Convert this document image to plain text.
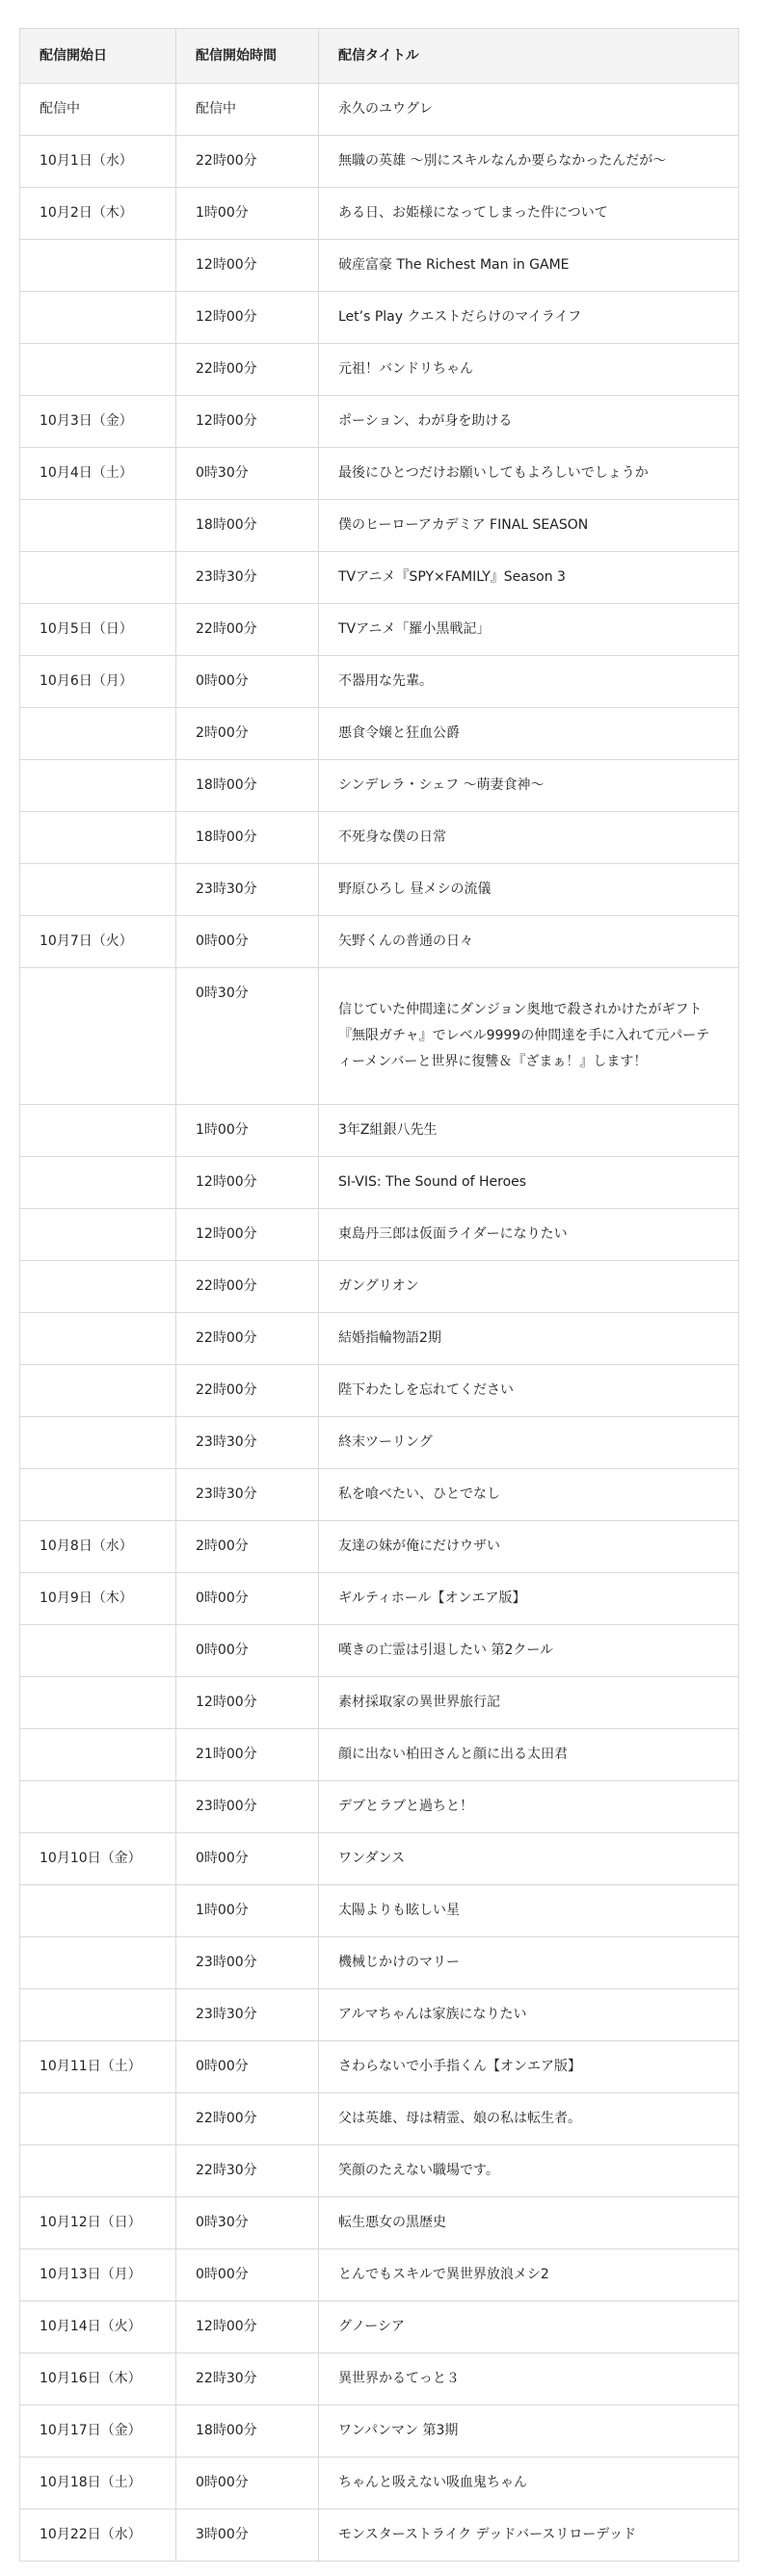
配信開始日	配信開始時間	配信タイトル
配信中	配信中	永久のユウグレ
10月1日（水）	22時00分	無職の英雄 〜別にスキルなんか要らなかったんだが〜
10月2日（木）	1時00分	ある日、お姫様になってしまった件について
	12時00分	破産富豪 The Richest Man in GAME
	12時00分	Let’s Play クエストだらけのマイライフ
	22時00分	元祖！バンドリちゃん
10月3日（金）	12時00分	ポーション、わが身を助ける
10月4日（土）	0時30分	最後にひとつだけお願いしてもよろしいでしょうか
	18時00分	僕のヒーローアカデミア FINAL SEASON
	23時30分	TVアニメ『SPY×FAMILY』Season 3
10月5日（日）	22時00分	TVアニメ「羅小黒戦記」
10月6日（月）	0時00分	不器用な先輩。
	2時00分	悪食令嬢と狂血公爵
	18時00分	シンデレラ・シェフ 〜萌妻食神〜
	18時00分	不死身な僕の日常
	23時30分	野原ひろし 昼メシの流儀
10月7日（火）	0時00分	矢野くんの普通の日々
	0時30分	信じていた仲間達にダンジョン奥地で殺されかけたがギフト『無限ガチャ』でレベル9999の仲間達を手に入れて元パーティーメンバーと世界に復讐＆『ざまぁ！』します！
	1時00分	3年Z組銀八先生
	12時00分	SI-VIS: The Sound of Heroes
	12時00分	東島丹三郎は仮面ライダーになりたい
	22時00分	ガングリオン
	22時00分	結婚指輪物語2期
	22時00分	陛下わたしを忘れてください
	23時30分	終末ツーリング
	23時30分	私を喰べたい、ひとでなし
10月8日（水）	2時00分	友達の妹が俺にだけウザい
10月9日（木）	0時00分	ギルティホール【オンエア版】
	0時00分	嘆きの亡霊は引退したい 第2クール
	12時00分	素材採取家の異世界旅行記
	21時00分	顔に出ない柏田さんと顔に出る太田君
	23時00分	デブとラブと過ちと！
10月10日（金）	0時00分	ワンダンス
	1時00分	太陽よりも眩しい星
	23時00分	機械じかけのマリー
	23時30分	アルマちゃんは家族になりたい
10月11日（土）	0時00分	さわらないで小手指くん【オンエア版】
	22時00分	父は英雄、母は精霊、娘の私は転生者。
	22時30分	笑顔のたえない職場です。
10月12日（日）	0時30分	転生悪女の黒歴史
10月13日（月）	0時00分	とんでもスキルで異世界放浪メシ2
10月14日（火）	12時00分	グノーシア
10月16日（木）	22時30分	異世界かるてっと３
10月17日（金）	18時00分	ワンパンマン 第3期
10月18日（土）	0時00分	ちゃんと吸えない吸血鬼ちゃん
10月22日（水）	3時00分	モンスターストライク デッドバースリローデッド
